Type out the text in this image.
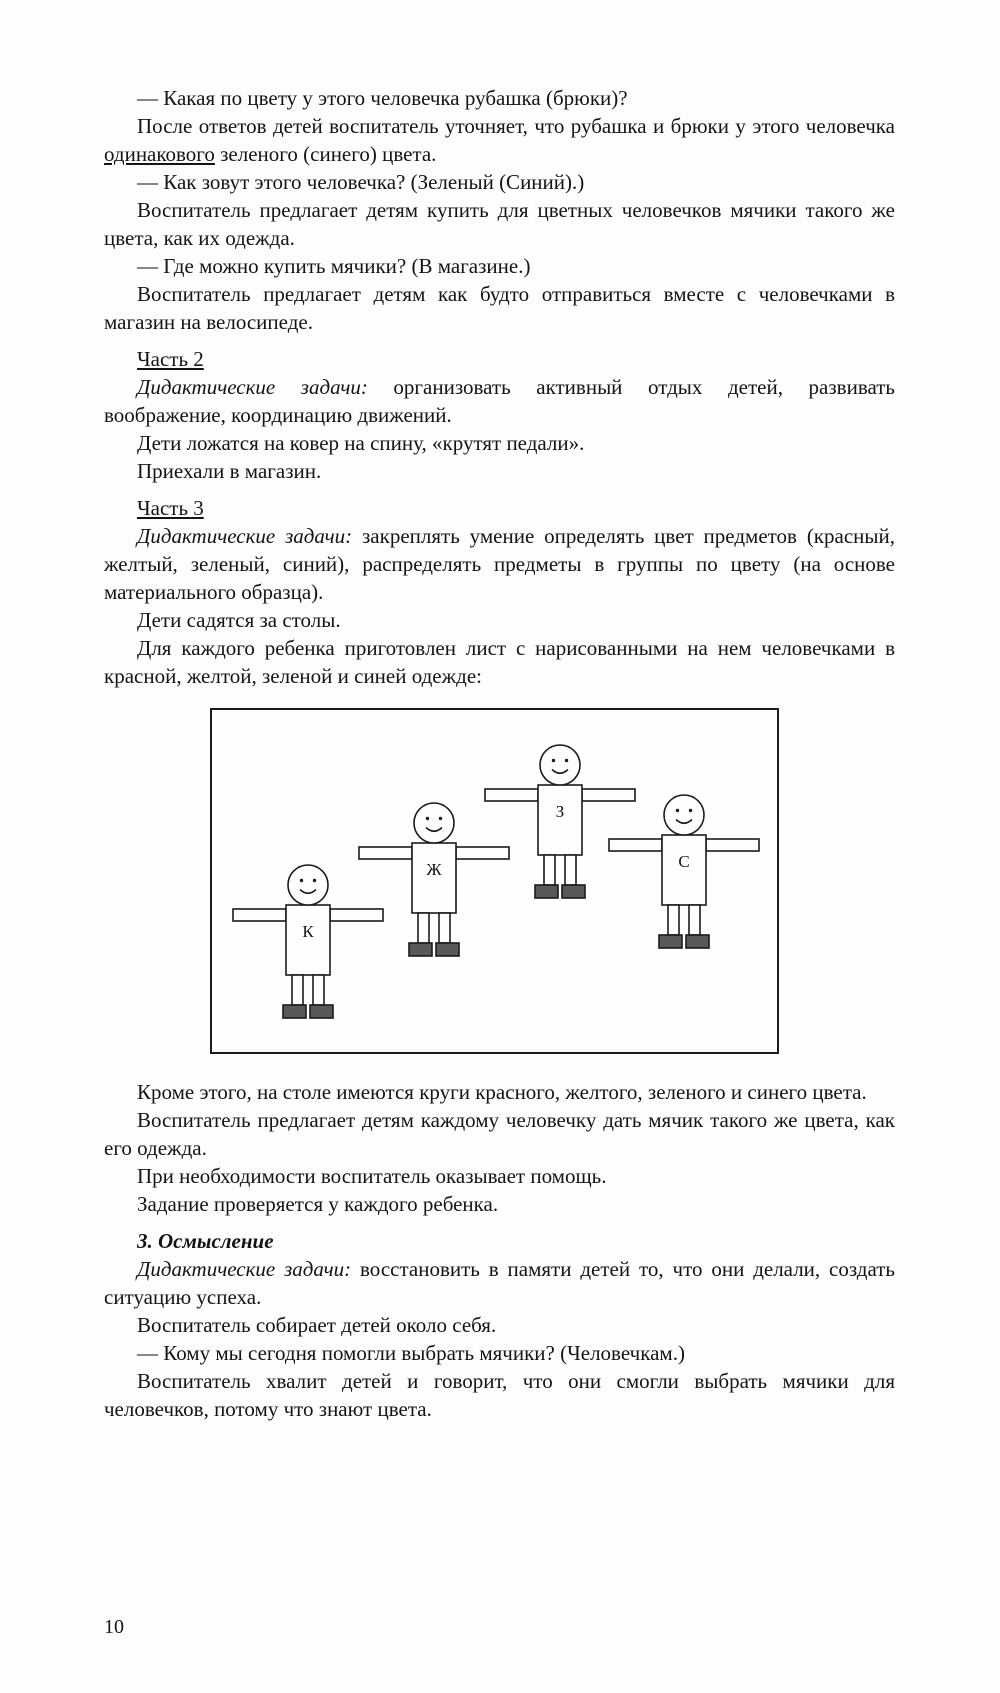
— Какая по цвету у этого человечка рубашка (брюки)?

После ответов детей воспитатель уточняет, что рубашка и брюки у этого человечка одинакового зеленого (синего) цвета.

— Как зовут этого человечка? (Зеленый (Синий).)

Воспитатель предлагает детям купить для цветных человечков мячики такого же цвета, как их одежда.

— Где можно купить мячики? (В магазине.)

Воспитатель предлагает детям как будто отправиться вместе с человечками в магазин на велосипеде.

Часть 2

Дидактические задачи: организовать активный отдых детей, развивать воображение, координацию движений.

Дети ложатся на ковер на спину, «крутят педали».

Приехали в магазин.

Часть 3

Дидактические задачи: закреплять умение определять цвет предметов (красный, желтый, зеленый, синий), распределять предметы в группы по цвету (на основе материального образца).

Дети садятся за столы.

Для каждого ребенка приготовлен лист с нарисованными на нем человечками в красной, желтой, зеленой и синей одежде:

К
Ж
З
С

Кроме этого, на столе имеются круги красного, желтого, зеленого и синего цвета.

Воспитатель предлагает детям каждому человечку дать мячик такого же цвета, как его одежда.

При необходимости воспитатель оказывает помощь.

Задание проверяется у каждого ребенка.

3. Осмысление

Дидактические задачи: восстановить в памяти детей то, что они делали, создать ситуацию успеха.

Воспитатель собирает детей около себя.

— Кому мы сегодня помогли выбрать мячики? (Человечкам.)

Воспитатель хвалит детей и говорит, что они смогли выбрать мячики для человечков, потому что знают цвета.

10
